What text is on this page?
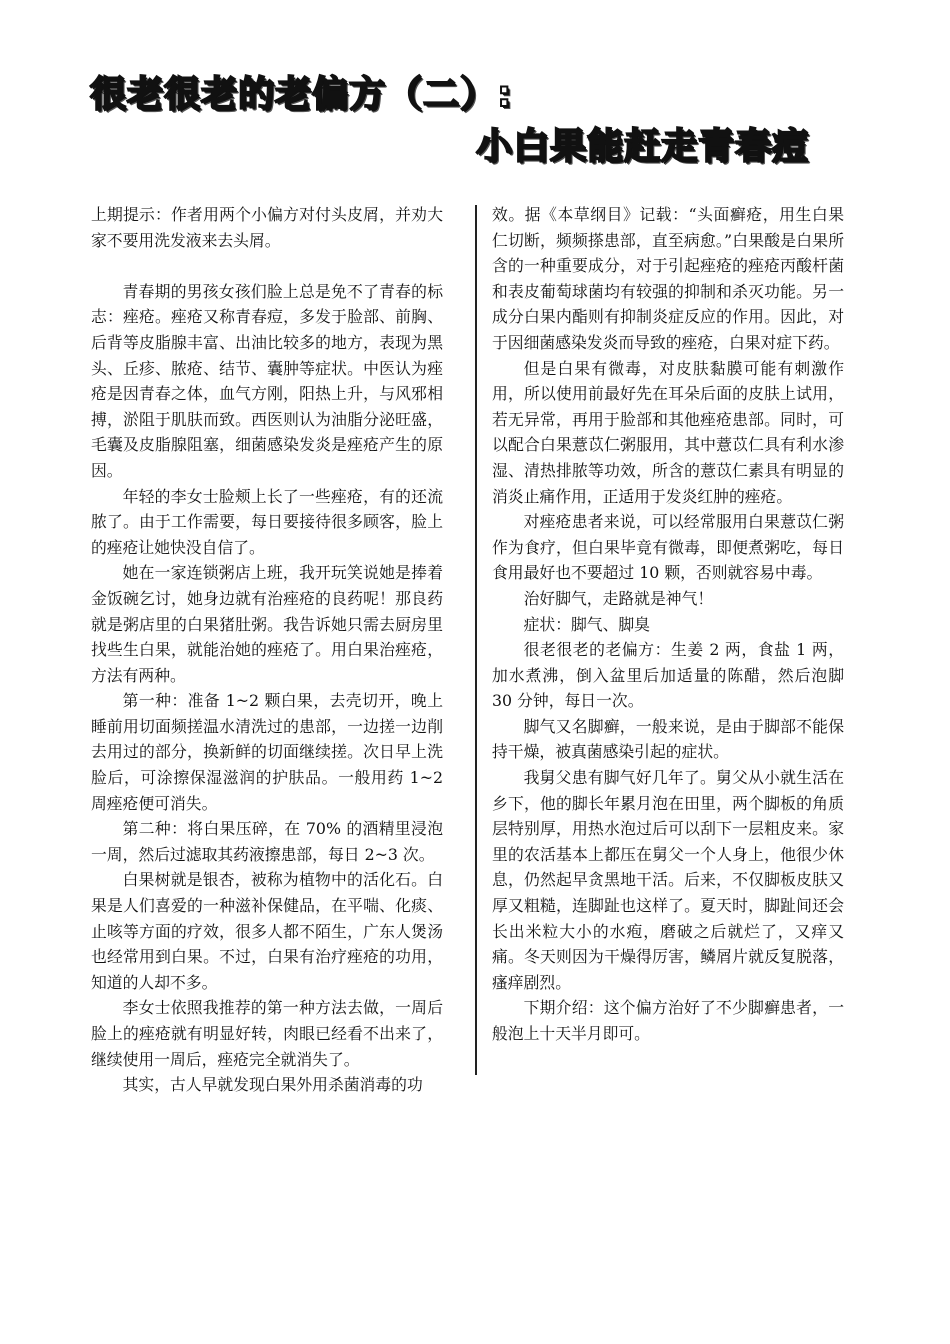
很老很老的老偏方（二）:
小白果能赶走青春痘

上期提示：作者用两个小偏方对付头皮屑，并劝大家不要用洗发液来去头屑。

青春期的男孩女孩们脸上总是免不了青春的标志：痤疮。痤疮又称青春痘，多发于脸部、前胸、后背等皮脂腺丰富、出油比较多的地方，表现为黑头、丘疹、脓疮、结节、囊肿等症状。中医认为痤疮是因青春之体，血气方刚，阳热上升，与风邪相搏，淤阻于肌肤而致。西医则认为油脂分泌旺盛，毛囊及皮脂腺阻塞，细菌感染发炎是痤疮产生的原因。

年轻的李女士脸颊上长了一些痤疮，有的还流脓了。由于工作需要，每日要接待很多顾客，脸上的痤疮让她快没自信了。

她在一家连锁粥店上班，我开玩笑说她是捧着金饭碗乞讨，她身边就有治痤疮的良药呢！那良药就是粥店里的白果猪肚粥。我告诉她只需去厨房里找些生白果，就能治她的痤疮了。用白果治痤疮，方法有两种。

第一种：准备 1~2 颗白果，去壳切开，晚上睡前用切面频搓温水清洗过的患部，一边搓一边削去用过的部分，换新鲜的切面继续搓。次日早上洗脸后，可涂擦保湿滋润的护肤品。一般用药 1~2 周痤疮便可消失。

第二种：将白果压碎，在 70% 的酒精里浸泡一周，然后过滤取其药液擦患部，每日 2~3 次。

白果树就是银杏，被称为植物中的活化石。白果是人们喜爱的一种滋补保健品，在平喘、化痰、止咳等方面的疗效，很多人都不陌生，广东人煲汤也经常用到白果。不过，白果有治疗痤疮的功用，知道的人却不多。

李女士依照我推荐的第一种方法去做，一周后脸上的痤疮就有明显好转，肉眼已经看不出来了，继续使用一周后，痤疮完全就消失了。

其实，古人早就发现白果外用杀菌消毒的功

效。据《本草纲目》记载：“头面癣疮，用生白果仁切断，频频搽患部，直至病愈。”白果酸是白果所含的一种重要成分，对于引起痤疮的痤疮丙酸杆菌和表皮葡萄球菌均有较强的抑制和杀灭功能。另一成分白果内酯则有抑制炎症反应的作用。因此，对于因细菌感染发炎而导致的痤疮，白果对症下药。

但是白果有微毒，对皮肤黏膜可能有刺激作用，所以使用前最好先在耳朵后面的皮肤上试用，若无异常，再用于脸部和其他痤疮患部。同时，可以配合白果薏苡仁粥服用，其中薏苡仁具有利水渗湿、清热排脓等功效，所含的薏苡仁素具有明显的消炎止痛作用，正适用于发炎红肿的痤疮。

对痤疮患者来说，可以经常服用白果薏苡仁粥作为食疗，但白果毕竟有微毒，即便煮粥吃，每日食用最好也不要超过 10 颗，否则就容易中毒。

治好脚气，走路就是神气！

症状：脚气、脚臭

很老很老的老偏方：生姜 2 两，食盐 1 两，加水煮沸，倒入盆里后加适量的陈醋，然后泡脚 30 分钟，每日一次。

脚气又名脚癣，一般来说，是由于脚部不能保持干燥，被真菌感染引起的症状。

我舅父患有脚气好几年了。舅父从小就生活在乡下，他的脚长年累月泡在田里，两个脚板的角质层特别厚，用热水泡过后可以刮下一层粗皮来。家里的农活基本上都压在舅父一个人身上，他很少休息，仍然起早贪黑地干活。后来，不仅脚板皮肤又厚又粗糙，连脚趾也这样了。夏天时，脚趾间还会长出米粒大小的水疱，磨破之后就烂了，又痒又痛。冬天则因为干燥得厉害，鳞屑片就反复脱落，瘙痒剧烈。

下期介绍：这个偏方治好了不少脚癣患者，一般泡上十天半月即可。
